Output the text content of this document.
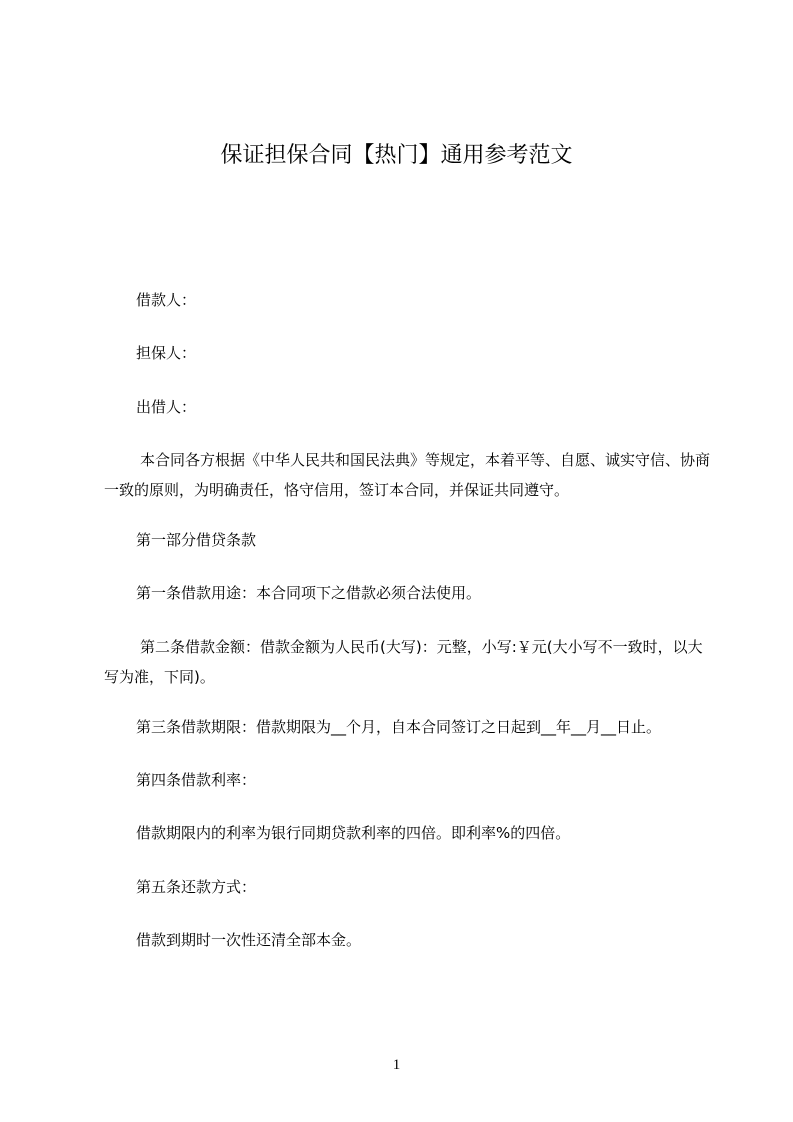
保证担保合同【热门】通用参考范文
借款人：
担保人：
出借人：
本合同各方根据《中华人民共和国民法典》等规定，本着平等、自愿、诚实守信、协商一致的原则，为明确责任，恪守信用，签订本合同，并保证共同遵守。
第一部分借贷条款
第一条借款用途：本合同项下之借款必须合法使用。
第二条借款金额：借款金额为人民币(大写)：元整，小写:￥元(大小写不一致时，以大写为准，下同)。
第三条借款期限：借款期限为__个月，自本合同签订之日起到__年__月__日止。
第四条借款利率：
借款期限内的利率为银行同期贷款利率的四倍。即利率%的四倍。
第五条还款方式：
借款到期时一次性还清全部本金。
1
